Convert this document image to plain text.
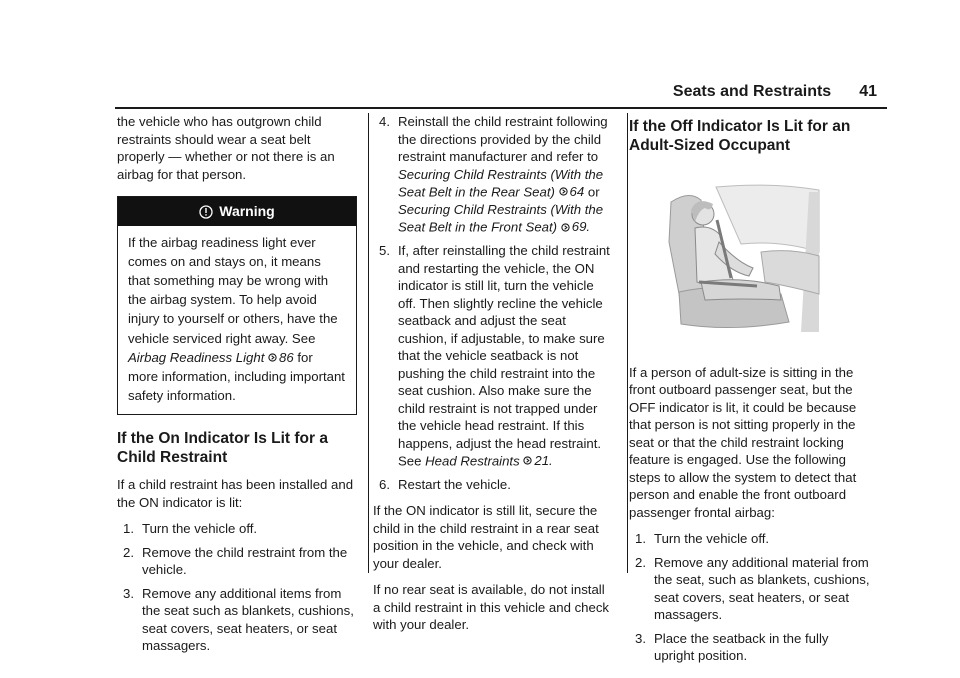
Seats and Restraints 41

the vehicle who has outgrown child restraints should wear a seat belt properly — whether or not there is an airbag for that person.

Warning
If the airbag readiness light ever comes on and stays on, it means that something may be wrong with the airbag system. To help avoid injury to yourself or others, have the vehicle serviced right away. See Airbag Readiness Light 86 for more information, including important safety information.
If the On Indicator Is Lit for a Child Restraint

If a child restraint has been installed and the ON indicator is lit:

1. Turn the vehicle off.
2. Remove the child restraint from the vehicle.
3. Remove any additional items from the seat such as blankets, cushions, seat covers, seat heaters, or seat massagers.
4. Reinstall the child restraint following the directions provided by the child restraint manufacturer and refer to Securing Child Restraints (With the Seat Belt in the Rear Seat) 64 or
Securing Child Restraints (With the Seat Belt in the Front Seat) 69.
5. If, after reinstalling the child restraint and restarting the vehicle, the ON indicator is still lit, turn the vehicle off. Then slightly recline the vehicle seatback and adjust the seat cushion, if adjustable, to make sure that the vehicle seatback is not pushing the child restraint into the seat cushion. Also make sure the child restraint is not trapped under the vehicle head restraint. If this happens, adjust the head restraint. See Head Restraints 21.
6. Restart the vehicle.

If the ON indicator is still lit, secure the child in the child restraint in a rear seat position in the vehicle, and check with your dealer.

If no rear seat is available, do not install a child restraint in this vehicle and check with your dealer.

If the Off Indicator Is Lit for an Adult-Sized Occupant

If a person of adult-size is sitting in the front outboard passenger seat, but the OFF indicator is lit, it could be because that person is not sitting properly in the seat or that the child restraint locking feature is engaged. Use the following steps to allow the system to detect that person and enable the front outboard passenger frontal airbag:

1. Turn the vehicle off.
2. Remove any additional material from the seat, such as blankets, cushions, seat covers, seat heaters, or seat massagers.
3. Place the seatback in the fully upright position.
